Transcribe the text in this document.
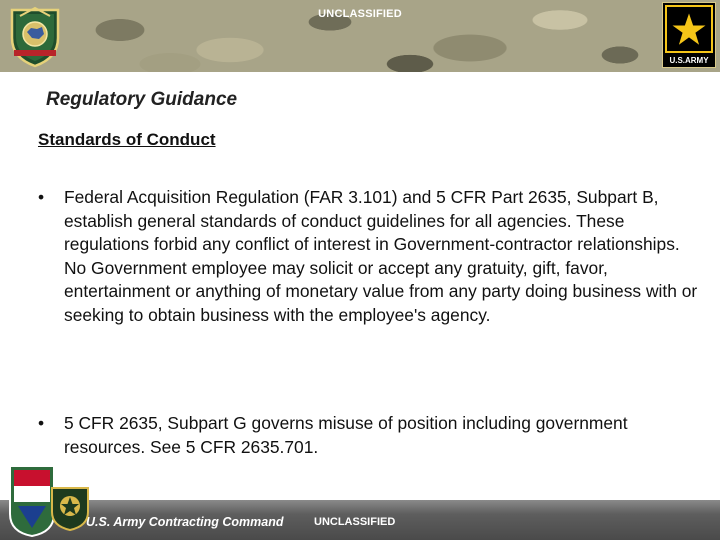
UNCLASSIFIED
U.S.ARMY
Regulatory Guidance
Standards of Conduct
• Federal Acquisition Regulation (FAR 3.101) and 5 CFR Part 2635, Subpart B, establish general standards of conduct guidelines for all agencies. These regulations forbid any conflict of interest in Government-contractor relationships. No Government employee may solicit or accept any gratuity, gift, favor, entertainment or anything of monetary value from any party doing business with or seeking to obtain business with the employee's agency.
• 5 CFR 2635, Subpart G governs misuse of position including government resources. See 5 CFR 2635.701.
U.S. Army Contracting Command	UNCLASSIFIED
